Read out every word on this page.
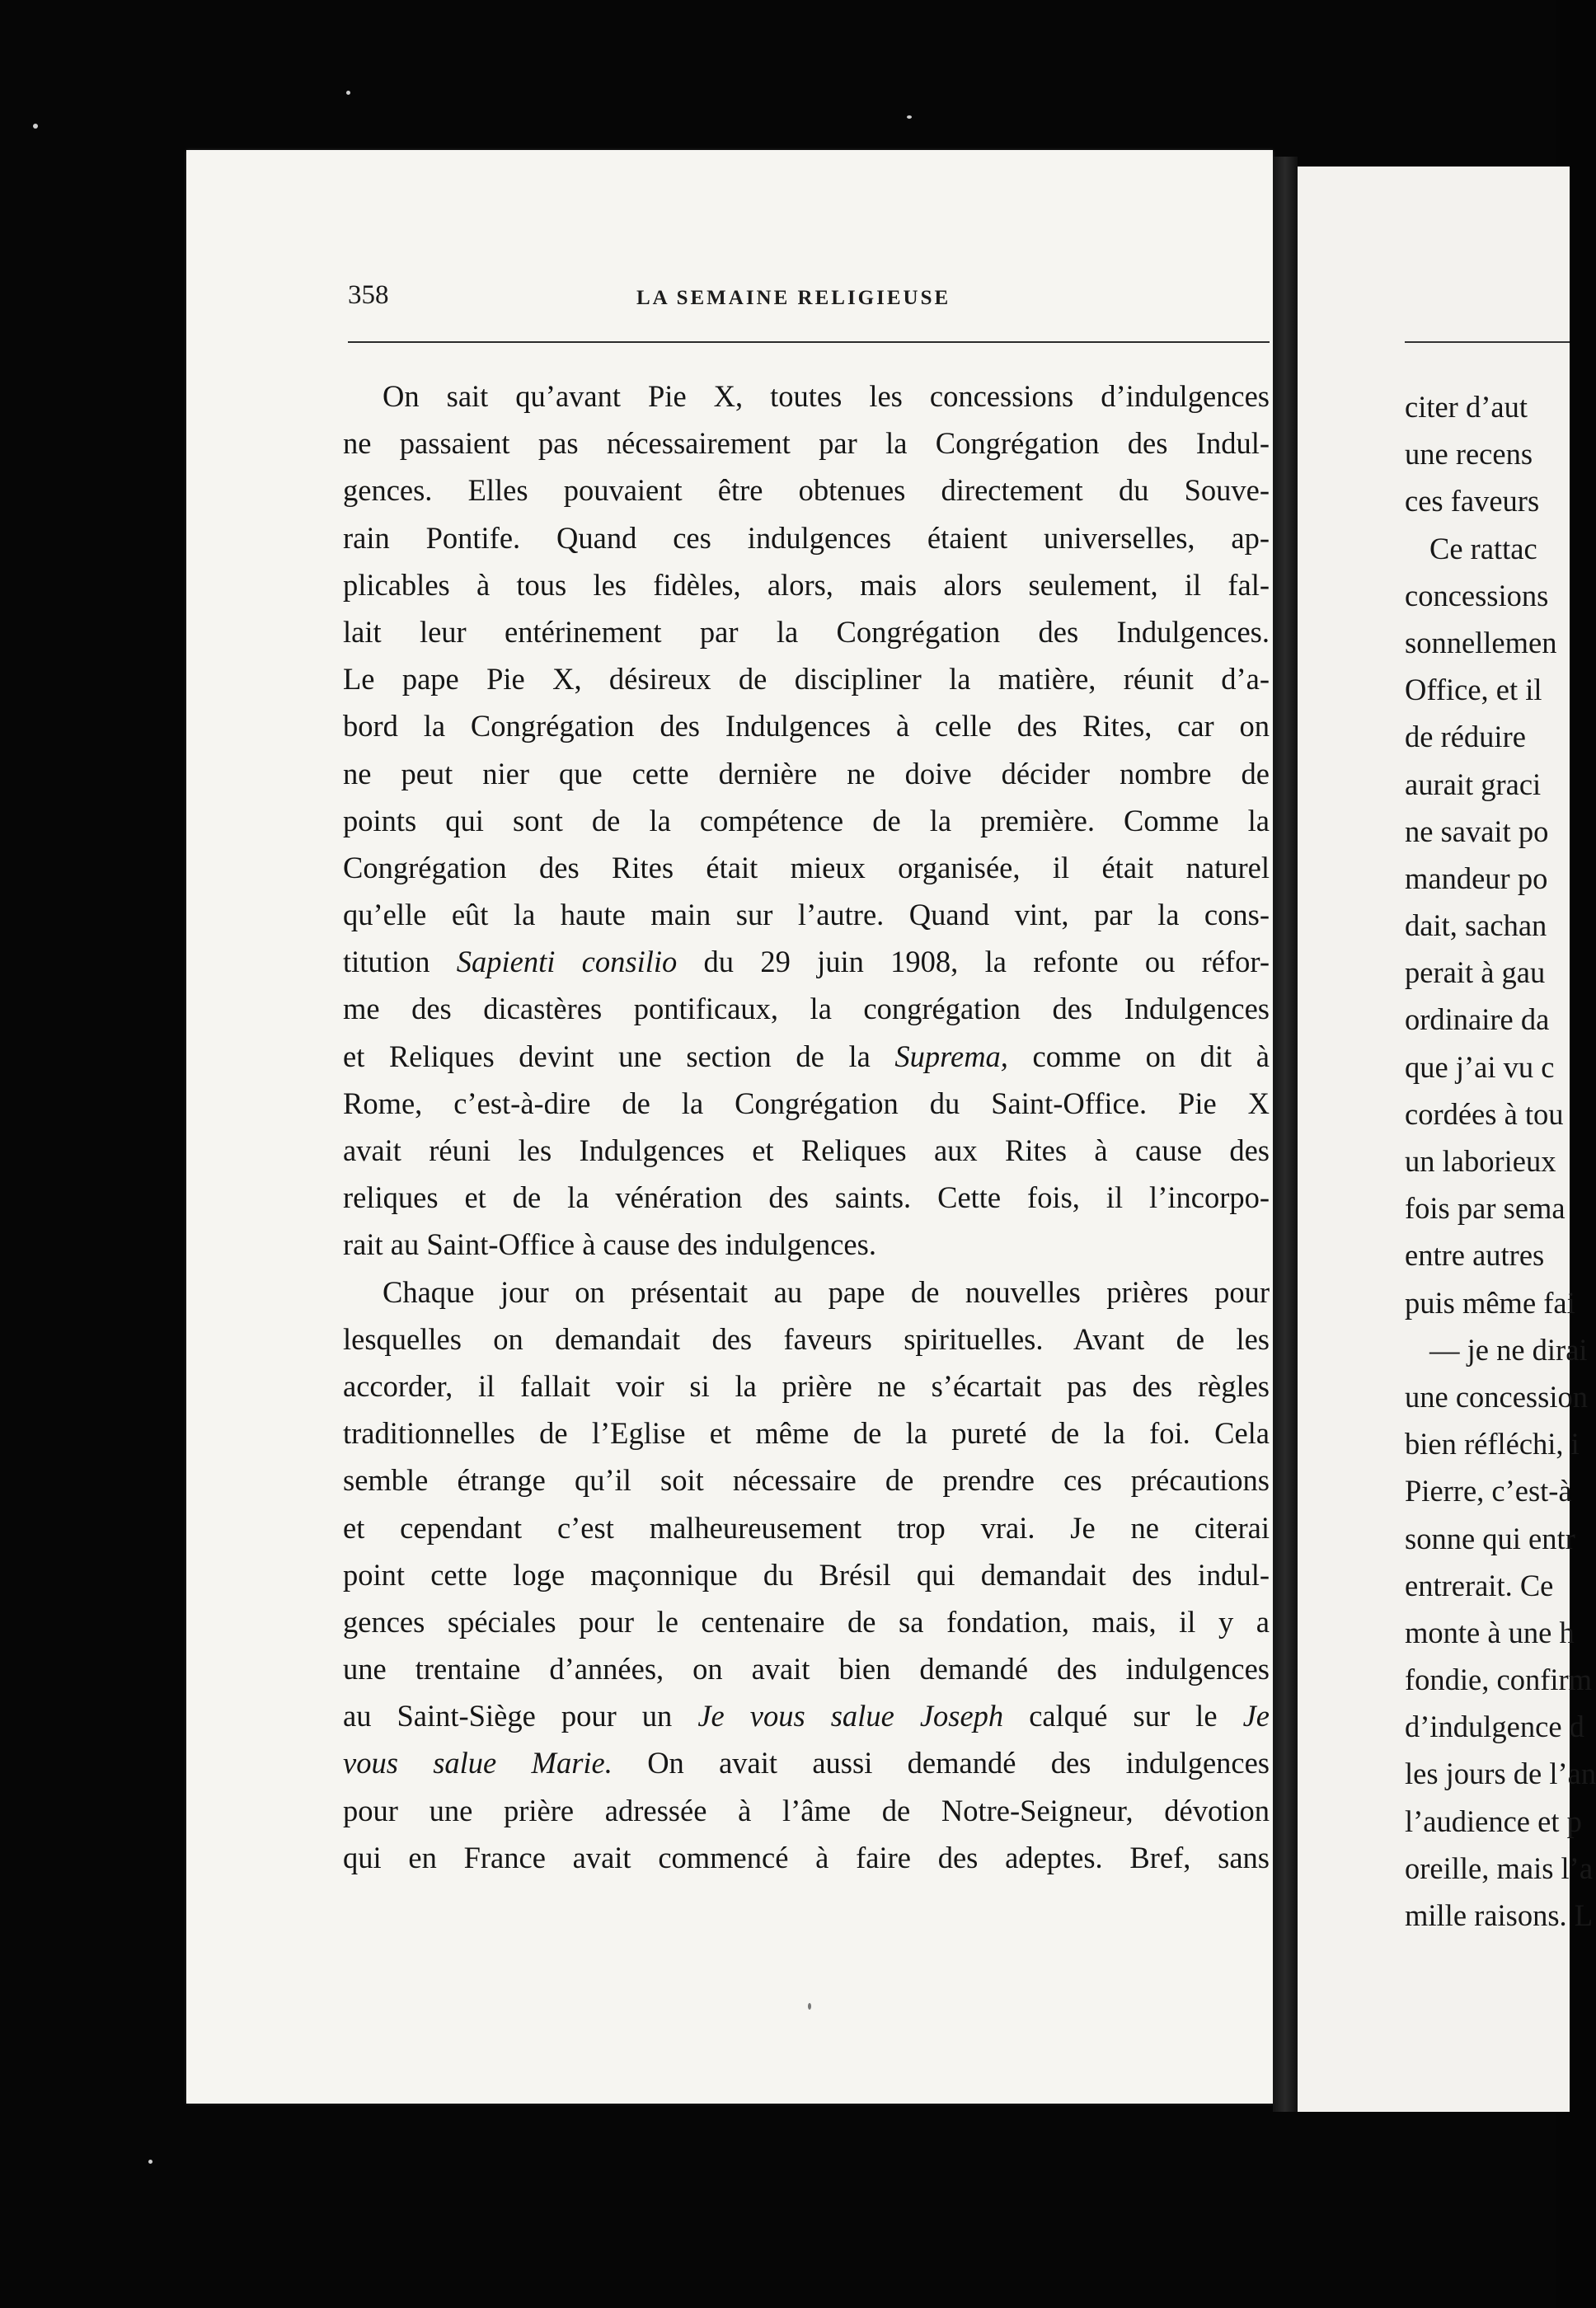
358	LA SEMAINE RELIGIEUSE
On sait qu’avant Pie X, toutes les concessions d’indulgences
ne passaient pas nécessairement par la Congrégation des Indul-
gences. Elles pouvaient être obtenues directement du Souve-
rain Pontife. Quand ces indulgences étaient universelles, ap-
plicables à tous les fidèles, alors, mais alors seulement, il fal-
lait leur entérinement par la Congrégation des Indulgences.
Le pape Pie X, désireux de discipliner la matière, réunit d’a-
bord la Congrégation des Indulgences à celle des Rites, car on
ne peut nier que cette dernière ne doive décider nombre de
points qui sont de la compétence de la première. Comme la
Congrégation des Rites était mieux organisée, il était naturel
qu’elle eût la haute main sur l’autre. Quand vint, par la cons-
titution Sapienti consilio du 29 juin 1908, la refonte ou réfor-
me des dicastères pontificaux, la congrégation des Indulgences
et Reliques devint une section de la Suprema, comme on dit à
Rome, c’est-à-dire de la Congrégation du Saint-Office. Pie X
avait réuni les Indulgences et Reliques aux Rites à cause des
reliques et de la vénération des saints. Cette fois, il l’incorpo-
rait au Saint-Office à cause des indulgences.
Chaque jour on présentait au pape de nouvelles prières pour
lesquelles on demandait des faveurs spirituelles. Avant de les
accorder, il fallait voir si la prière ne s’écartait pas des règles
traditionnelles de l’Eglise et même de la pureté de la foi. Cela
semble étrange qu’il soit nécessaire de prendre ces précautions
et cependant c’est malheureusement trop vrai. Je ne citerai
point cette loge maçonnique du Brésil qui demandait des indul-
gences spéciales pour le centenaire de sa fondation, mais, il y a
une trentaine d’années, on avait bien demandé des indulgences
au Saint-Siège pour un Je vous salue Joseph calqué sur le Je
vous salue Marie. On avait aussi demandé des indulgences
pour une prière adressée à l’âme de Notre-Seigneur, dévotion
qui en France avait commencé à faire des adeptes. Bref, sans
citer d’aut
une recens
ces faveurs
Ce rattac
concessions
sonnellemen
Office, et il
de réduire
aurait graci
ne savait po
mandeur po
dait, sachan
perait à gau
ordinaire da
que j’ai vu c
cordées à tou
un laborieux
fois par sema
entre autres
puis même fai
— je ne dirai
une concession
bien réfléchi, i
Pierre, c’est-à
sonne qui entr
entrerait. Ce
monte à une h
fondie, confirm
d’indulgence d
les jours de l’an
l’audience et p
oreille, mais l’a
mille raisons. L
